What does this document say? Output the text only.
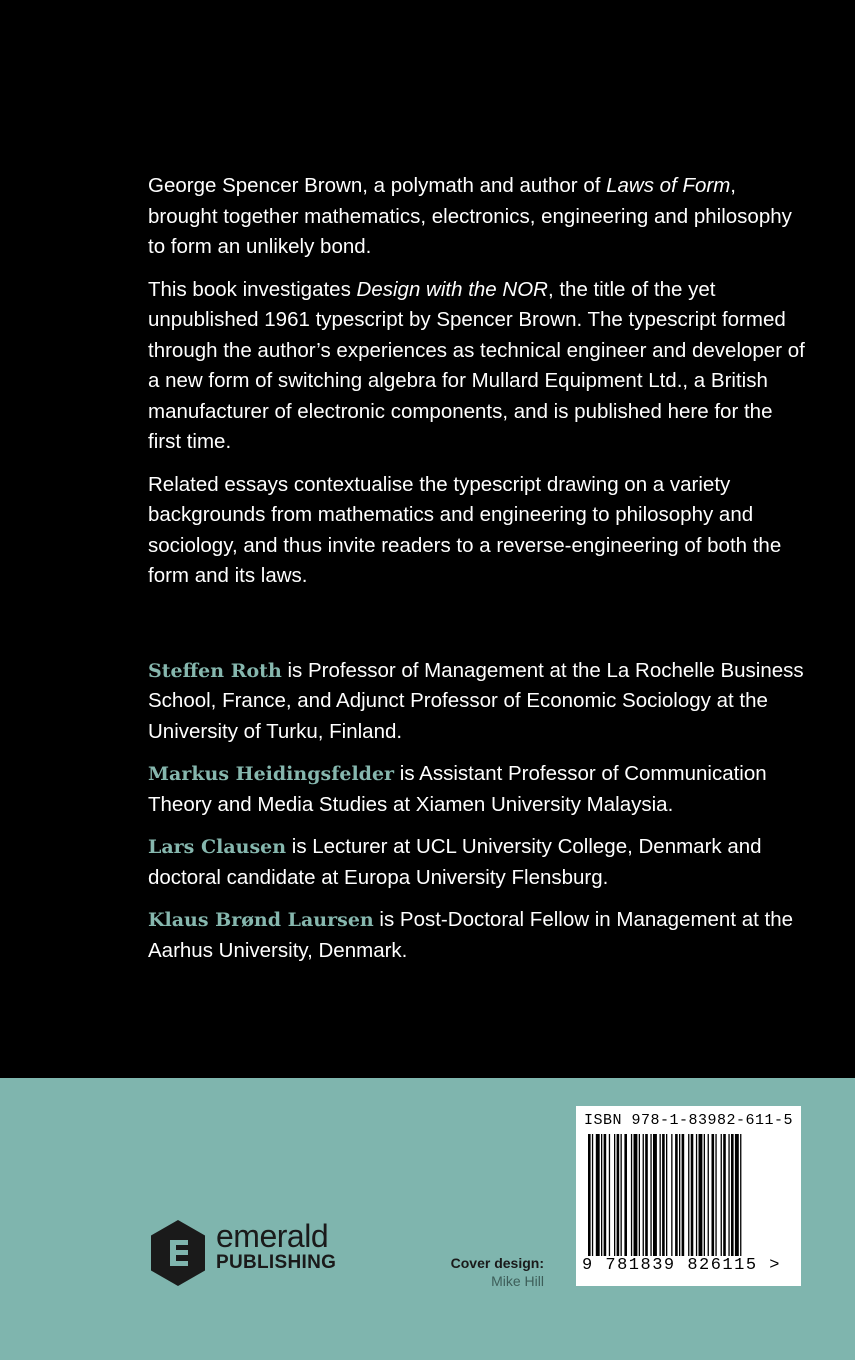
George Spencer Brown, a polymath and author of Laws of Form, brought together mathematics, electronics, engineering and philosophy to form an unlikely bond.

This book investigates Design with the NOR, the title of the yet unpublished 1961 typescript by Spencer Brown. The typescript formed through the author’s experiences as technical engineer and developer of a new form of switching algebra for Mullard Equipment Ltd., a British manufacturer of electronic components, and is published here for the first time.

Related essays contextualise the typescript drawing on a variety backgrounds from mathematics and engineering to philosophy and sociology, and thus invite readers to a reverse-engineering of both the form and its laws.

Steffen Roth is Professor of Management at the La Rochelle Business School, France, and Adjunct Professor of Economic Sociology at the University of Turku, Finland.

Markus Heidingsfelder is Assistant Professor of Communication Theory and Media Studies at Xiamen University Malaysia.

Lars Clausen is Lecturer at UCL University College, Denmark and doctoral candidate at Europa University Flensburg.

Klaus Brønd Laursen is Post-Doctoral Fellow in Management at the Aarhus University, Denmark.

emerald
PUBLISHING	Cover design:
Mike Hill
ISBN 978-1-83982-611-5
9 781839 826115 >
